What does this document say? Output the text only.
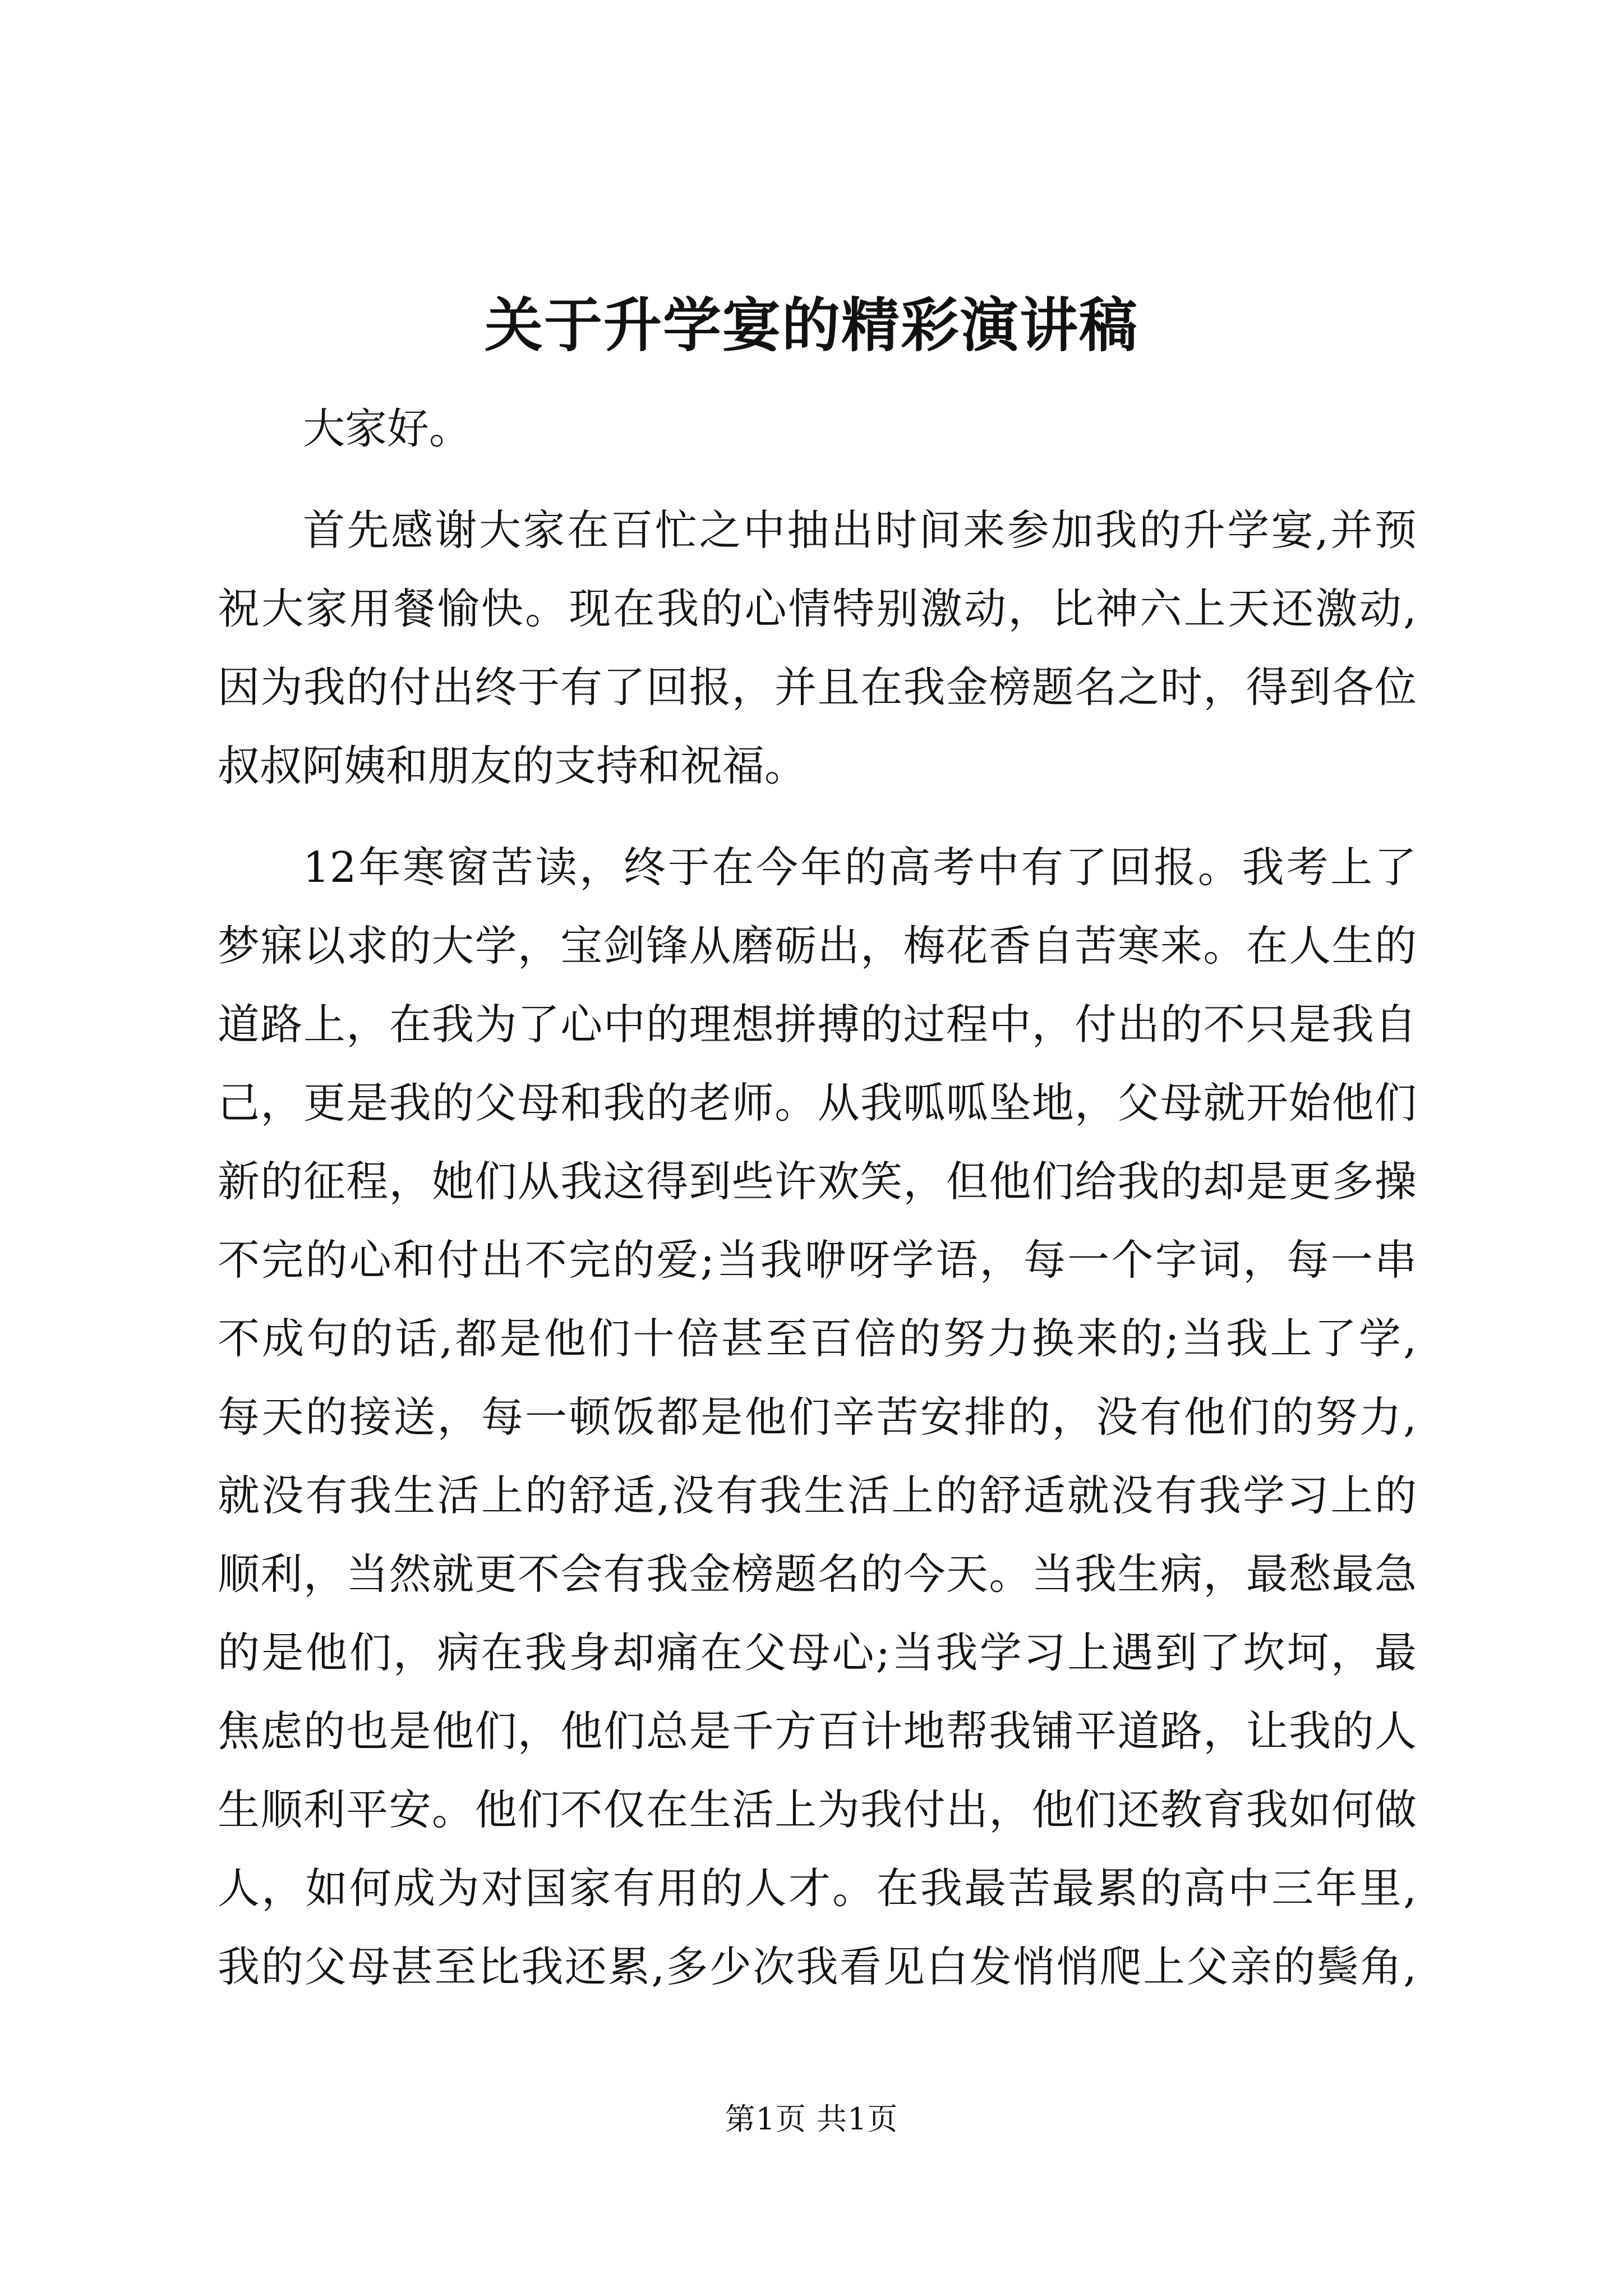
关于升学宴的精彩演讲稿

大家好。

首先感谢大家在百忙之中抽出时间来参加我的升学宴,并预

祝大家用餐愉快。现在我的心情特别激动，比神六上天还激动,

因为我的付出终于有了回报，并且在我金榜题名之时，得到各位

叔叔阿姨和朋友的支持和祝福。

12年寒窗苦读，终于在今年的高考中有了回报。我考上了

梦寐以求的大学，宝剑锋从磨砺出，梅花香自苦寒来。在人生的

道路上，在我为了心中的理想拼搏的过程中，付出的不只是我自

己，更是我的父母和我的老师。从我呱呱坠地，父母就开始他们

新的征程，她们从我这得到些许欢笑，但他们给我的却是更多操

不完的心和付出不完的爱;当我咿呀学语，每一个字词，每一串

不成句的话,都是他们十倍甚至百倍的努力换来的;当我上了学,

每天的接送，每一顿饭都是他们辛苦安排的，没有他们的努力,

就没有我生活上的舒适,没有我生活上的舒适就没有我学习上的

顺利，当然就更不会有我金榜题名的今天。当我生病，最愁最急

的是他们，病在我身却痛在父母心;当我学习上遇到了坎坷，最

焦虑的也是他们，他们总是千方百计地帮我铺平道路，让我的人

生顺利平安。他们不仅在生活上为我付出，他们还教育我如何做

人，如何成为对国家有用的人才。在我最苦最累的高中三年里,

我的父母甚至比我还累,多少次我看见白发悄悄爬上父亲的鬓角,

第1页 共1页
